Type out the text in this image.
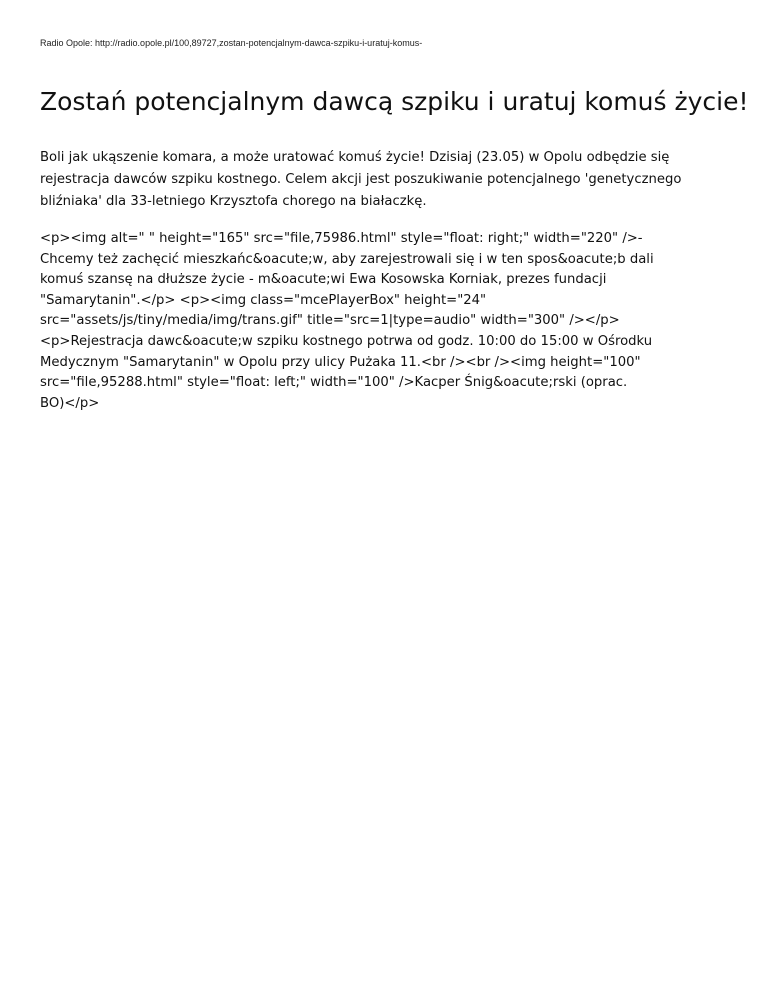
Radio Opole: http://radio.opole.pl/100,89727,zostan-potencjalnym-dawca-szpiku-i-uratuj-komus-
Zostań potencjalnym dawcą szpiku i uratuj komuś życie!

Boli jak ukąszenie komara, a może uratować komuś życie! Dzisiaj (23.05) w Opolu odbędzie się
rejestracja dawców szpiku kostnego. Celem akcji jest poszukiwanie potencjalnego 'genetycznego
bliźniaka' dla 33-letniego Krzysztofa chorego na białaczkę.

<p><img alt=" " height="165" src="file,75986.html" style="float: right;" width="220" />-
Chcemy też zachęcić mieszkańc&oacute;w, aby zarejestrowali się i w ten spos&oacute;b dali
komuś szansę na dłuższe życie - m&oacute;wi Ewa Kosowska Korniak, prezes fundacji
"Samarytanin".</p> <p><img class="mcePlayerBox" height="24"
src="assets/js/tiny/media/img/trans.gif" title="src=1|type=audio" width="300" /></p>
<p>Rejestracja dawc&oacute;w szpiku kostnego potrwa od godz. 10:00 do 15:00 w Ośrodku
Medycznym "Samarytanin" w Opolu przy ulicy Pużaka 11.<br /><br /><img height="100"
src="file,95288.html" style="float: left;" width="100" />Kacper Śnig&oacute;rski (oprac.
BO)</p>
